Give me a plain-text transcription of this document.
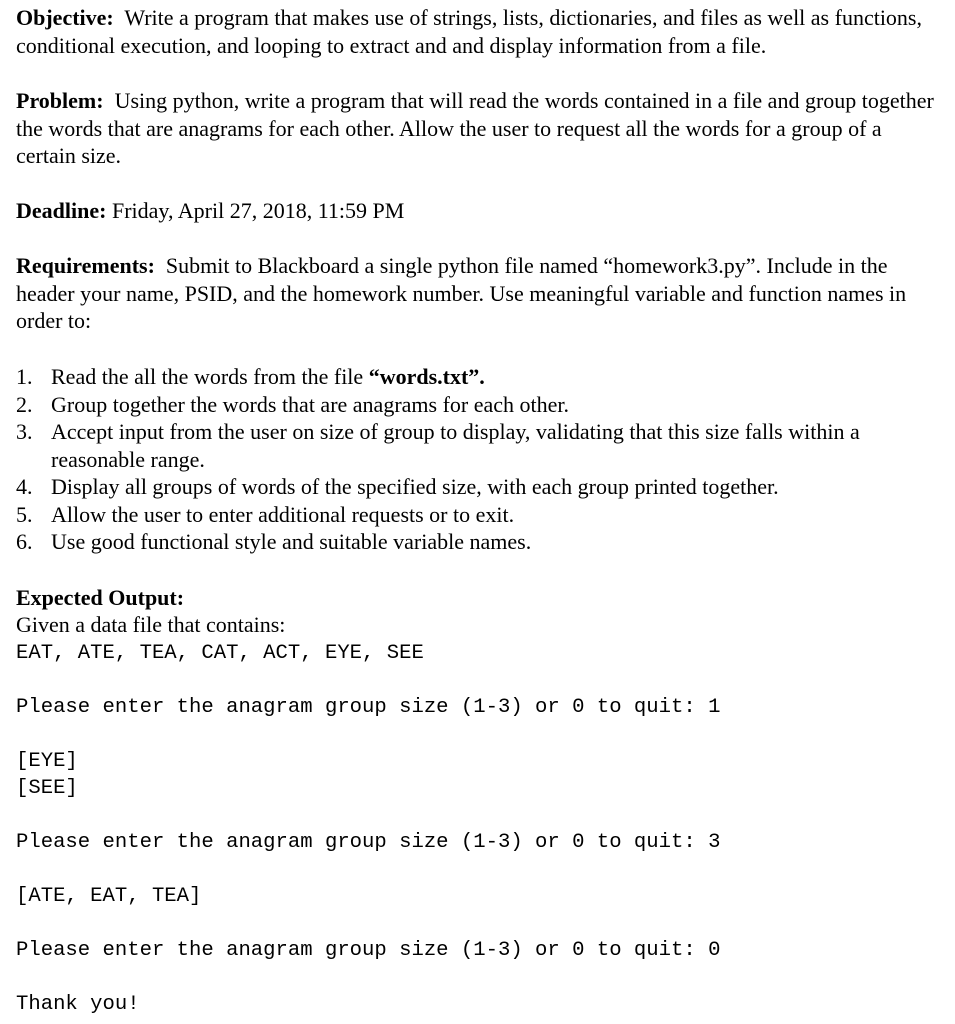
Objective: Write a program that makes use of strings, lists, dictionaries, and files as well as functions, conditional execution, and looping to extract and and display information from a file.
Problem: Using python, write a program that will read the words contained in a file and group together the words that are anagrams for each other. Allow the user to request all the words for a group of a certain size.
Deadline: Friday, April 27, 2018, 11:59 PM
Requirements: Submit to Blackboard a single python file named “homework3.py”. Include in the header your name, PSID, and the homework number. Use meaningful variable and function names in order to:
1. Read the all the words from the file “words.txt”.
2. Group together the words that are anagrams for each other.
3. Accept input from the user on size of group to display, validating that this size falls within a reasonable range.
4. Display all groups of words of the specified size, with each group printed together.
5. Allow the user to enter additional requests or to exit.
6. Use good functional style and suitable variable names.
Expected Output:
Given a data file that contains:
EAT, ATE, TEA, CAT, ACT, EYE, SEE
Please enter the anagram group size (1-3) or 0 to quit: 1
[EYE]
[SEE]
Please enter the anagram group size (1-3) or 0 to quit: 3
[ATE, EAT, TEA]
Please enter the anagram group size (1-3) or 0 to quit: 0
Thank you!
